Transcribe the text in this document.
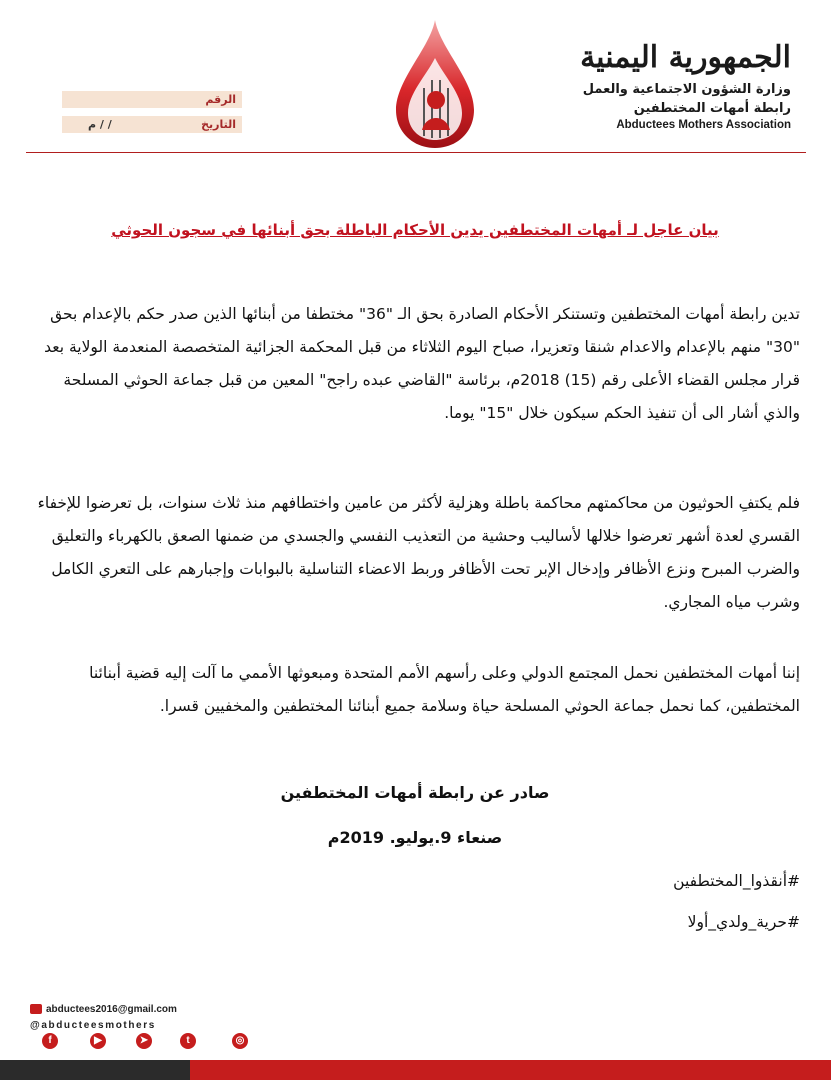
الجمهورية اليمنية
وزارة الشؤون الاجتماعية والعمل
رابطة أمهات المختطفين
Abductees Mothers Association
الرقم
التاريخ
/ / م
بيان عاجل لـ أمهات المختطفين يدين الأحكام الباطلة بحق أبنائها في سجون الحوثي
تدين رابطة أمهات المختطفين وتستنكر الأحكام الصادرة بحق الـ "36" مختطفا من أبنائها الذين صدر حكم بالإعدام بحق "30" منهم بالإعدام والاعدام شنقا وتعزيرا، صباح اليوم الثلاثاء من قبل المحكمة الجزائية المتخصصة المنعدمة الولاية بعد قرار مجلس القضاء الأعلى رقم (15) 2018م، برئاسة "القاضي عبده راجح" المعين من قبل جماعة الحوثي المسلحة والذي أشار الى أن تنفيذ الحكم سيكون خلال "15" يوما.
فلم يكتفِ الحوثيون من محاكمتهم محاكمة باطلة وهزلية لأكثر من عامين واختطافهم منذ ثلاث سنوات، بل تعرضوا للإخفاء القسري لعدة أشهر تعرضوا خلالها لأساليب وحشية من التعذيب النفسي والجسدي من ضمنها الصعق بالكهرباء والتعليق والضرب المبرح ونزع الأظافر وإدخال الإبر تحت الأظافر وربط الاعضاء التناسلية بالبوابات وإجبارهم على التعري الكامل وشرب مياه المجاري.
إننا أمهات المختطفين نحمل المجتمع الدولي وعلى رأسهم الأمم المتحدة ومبعوثها الأممي ما آلت إليه قضية أبنائنا المختطفين، كما نحمل جماعة الحوثي المسلحة حياة وسلامة جميع أبنائنا المختطفين والمخفيين قسرا.
صادر عن رابطة أمهات المختطفين
صنعاء 9.يوليو. 2019م
#أنقذوا_المختطفين
#حرية_ولدي_أولا
abductees2016@gmail.com
@abducteesmothers
f	▶	➤	t	◎
